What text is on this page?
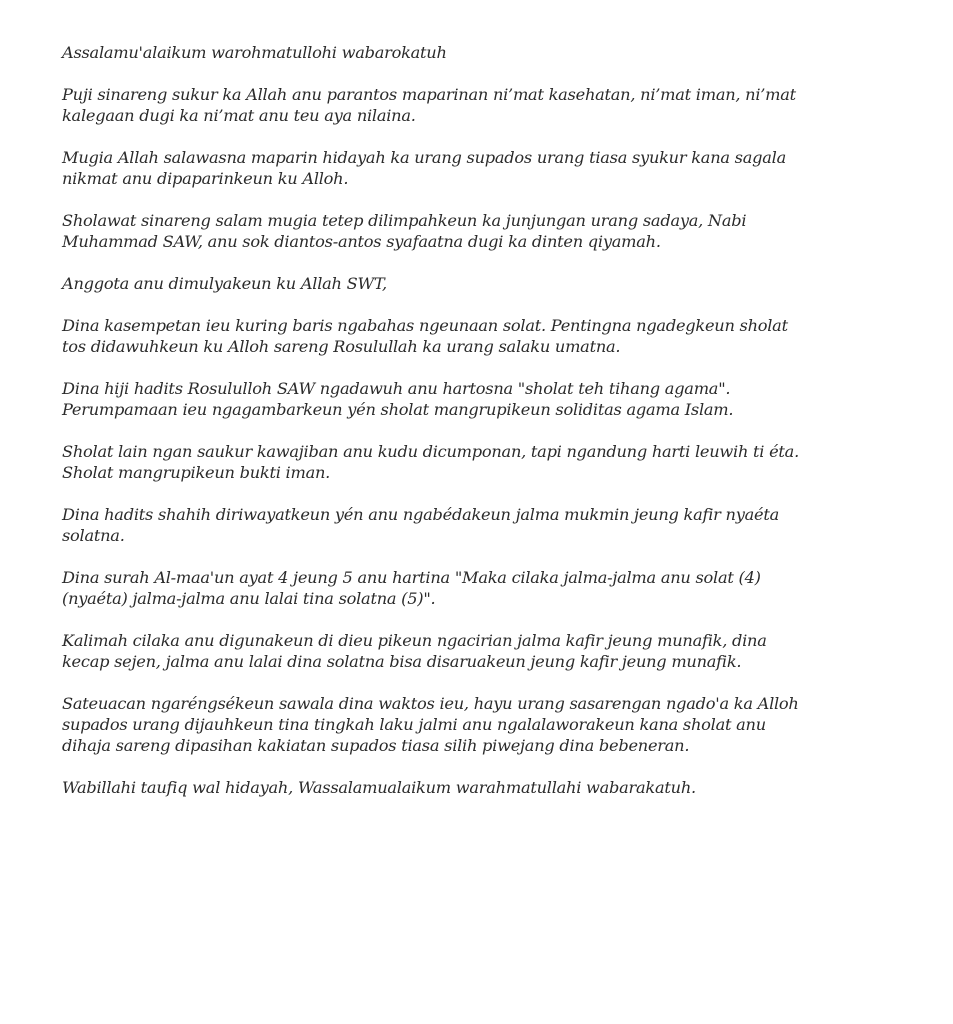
Assalamu'alaikum warohmatullohi wabarokatuh

Puji sinareng sukur ka Allah anu parantos maparinan ni’mat kasehatan, ni’mat iman, ni’mat
kalegaan dugi ka ni’mat anu teu aya nilaina.

Mugia Allah salawasna maparin hidayah ka urang supados urang tiasa syukur kana sagala
nikmat anu dipaparinkeun ku Alloh.

Sholawat sinareng salam mugia tetep dilimpahkeun ka junjungan urang sadaya, Nabi
Muhammad SAW, anu sok diantos-antos syafaatna dugi ka dinten qiyamah.

Anggota anu dimulyakeun ku Allah SWT,

Dina kasempetan ieu kuring baris ngabahas ngeunaan solat. Pentingna ngadegkeun sholat
tos didawuhkeun ku Alloh sareng Rosulullah ka urang salaku umatna.

Dina hiji hadits Rosululloh SAW ngadawuh anu hartosna "sholat teh tihang agama".
Perumpamaan ieu ngagambarkeun yén sholat mangrupikeun soliditas agama Islam.

Sholat lain ngan saukur kawajiban anu kudu dicumponan, tapi ngandung harti leuwih ti éta.
Sholat mangrupikeun bukti iman.

Dina hadits shahih diriwayatkeun yén anu ngabédakeun jalma mukmin jeung kafir nyaéta
solatna.

Dina surah Al-maa'un ayat 4 jeung 5 anu hartina "Maka cilaka jalma-jalma anu solat (4)
(nyaéta) jalma-jalma anu lalai tina solatna (5)".

Kalimah cilaka anu digunakeun di dieu pikeun ngacirian jalma kafir jeung munafik, dina
kecap sejen, jalma anu lalai dina solatna bisa disaruakeun jeung kafir jeung munafik.

Sateuacan ngaréngsékeun sawala dina waktos ieu, hayu urang sasarengan ngado'a ka Alloh
supados urang dijauhkeun tina tingkah laku jalmi anu ngalalaworakeun kana sholat anu
dihaja sareng dipasihan kakiatan supados tiasa silih piwejang dina bebeneran.

Wabillahi taufiq wal hidayah, Wassalamualaikum warahmatullahi wabarakatuh.
